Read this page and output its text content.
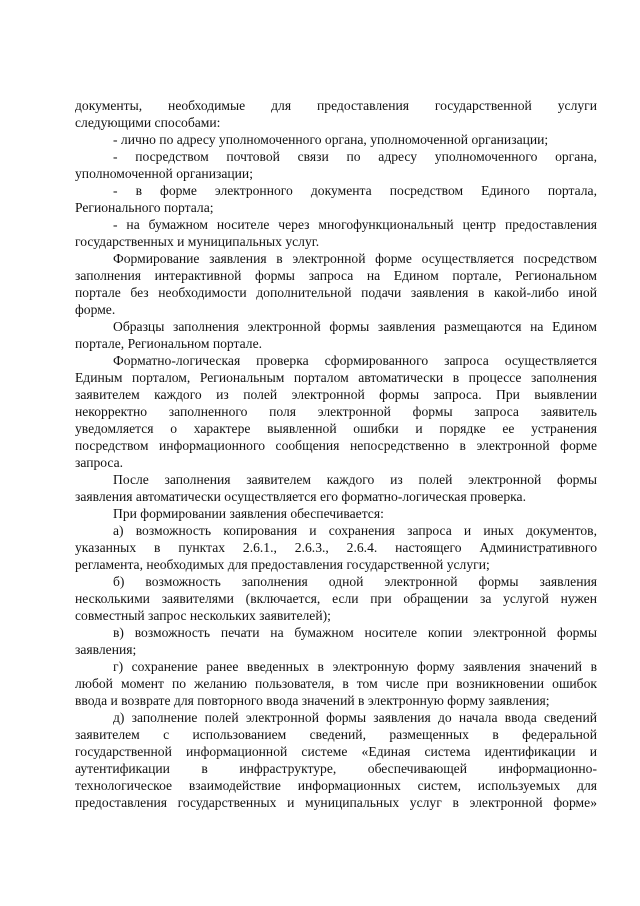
документы, необходимые для предоставления государственной услуги
следующими способами:
- лично по адресу уполномоченного органа, уполномоченной организации;
- посредством почтовой связи по адресу уполномоченного органа,
уполномоченной организации;
- в форме электронного документа посредством Единого портала,
Регионального портала;
- на бумажном носителе через многофункциональный центр предоставления
государственных и муниципальных услуг.
Формирование заявления в электронной форме осуществляется посредством
заполнения интерактивной формы запроса на Едином портале, Региональном
портале без необходимости дополнительной подачи заявления в какой-либо иной
форме.
Образцы заполнения электронной формы заявления размещаются на Едином
портале, Региональном портале.
Форматно-логическая проверка сформированного запроса осуществляется
Единым порталом, Региональным порталом автоматически в процессе заполнения
заявителем каждого из полей электронной формы запроса. При выявлении
некорректно заполненного поля электронной формы запроса заявитель
уведомляется о характере выявленной ошибки и порядке ее устранения
посредством информационного сообщения непосредственно в электронной форме
запроса.
После заполнения заявителем каждого из полей электронной формы
заявления автоматически осуществляется его форматно-логическая проверка.
При формировании заявления обеспечивается:
а) возможность копирования и сохранения запроса и иных документов,
указанных в пунктах 2.6.1., 2.6.3., 2.6.4. настоящего Административного
регламента, необходимых для предоставления государственной услуги;
б) возможность заполнения одной электронной формы заявления
несколькими заявителями (включается, если при обращении за услугой нужен
совместный запрос нескольких заявителей);
в) возможность печати на бумажном носителе копии электронной формы
заявления;
г) сохранение ранее введенных в электронную форму заявления значений в
любой момент по желанию пользователя, в том числе при возникновении ошибок
ввода и возврате для повторного ввода значений в электронную форму заявления;
д) заполнение полей электронной формы заявления до начала ввода сведений
заявителем с использованием сведений, размещенных в федеральной
государственной информационной системе «Единая система идентификации и
аутентификации в инфраструктуре, обеспечивающей информационно-
технологическое взаимодействие информационных систем, используемых для
предоставления государственных и муниципальных услуг в электронной форме»
